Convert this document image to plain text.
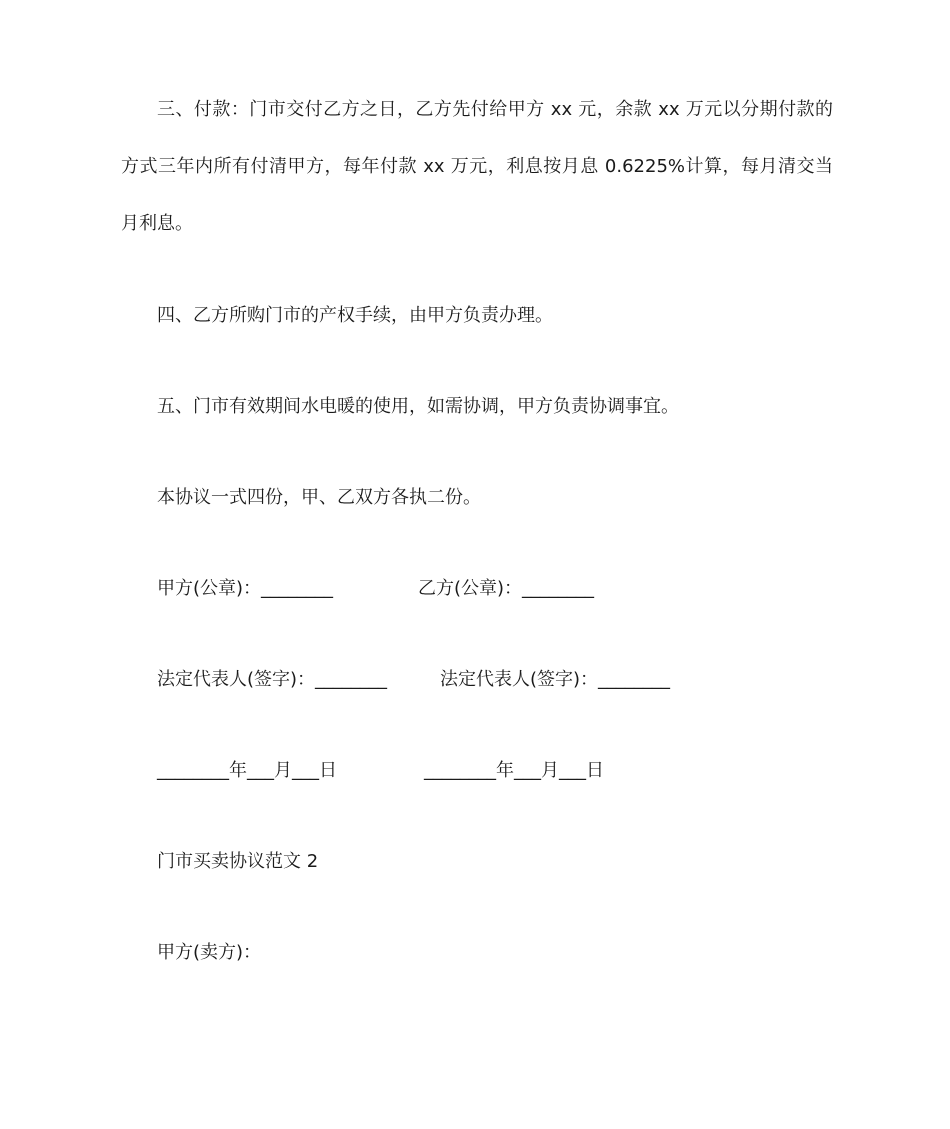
三、付款：门市交付乙方之日，乙方先付给甲方 xx 元，余款 xx 万元以分期付款的方式三年内所有付清甲方，每年付款 xx 万元，利息按月息 0.6225%计算，每月清交当月利息。

四、乙方所购门市的产权手续，由甲方负责办理。

五、门市有效期间水电暖的使用，如需协调，甲方负责协调事宜。

本协议一式四份，甲、乙双方各执二份。

甲方(公章)：________	乙方(公章)：________
法定代表人(签字)：________	法定代表人(签字)：________
________年___月___日	________年___月___日

门市买卖协议范文 2

甲方(卖方)：
